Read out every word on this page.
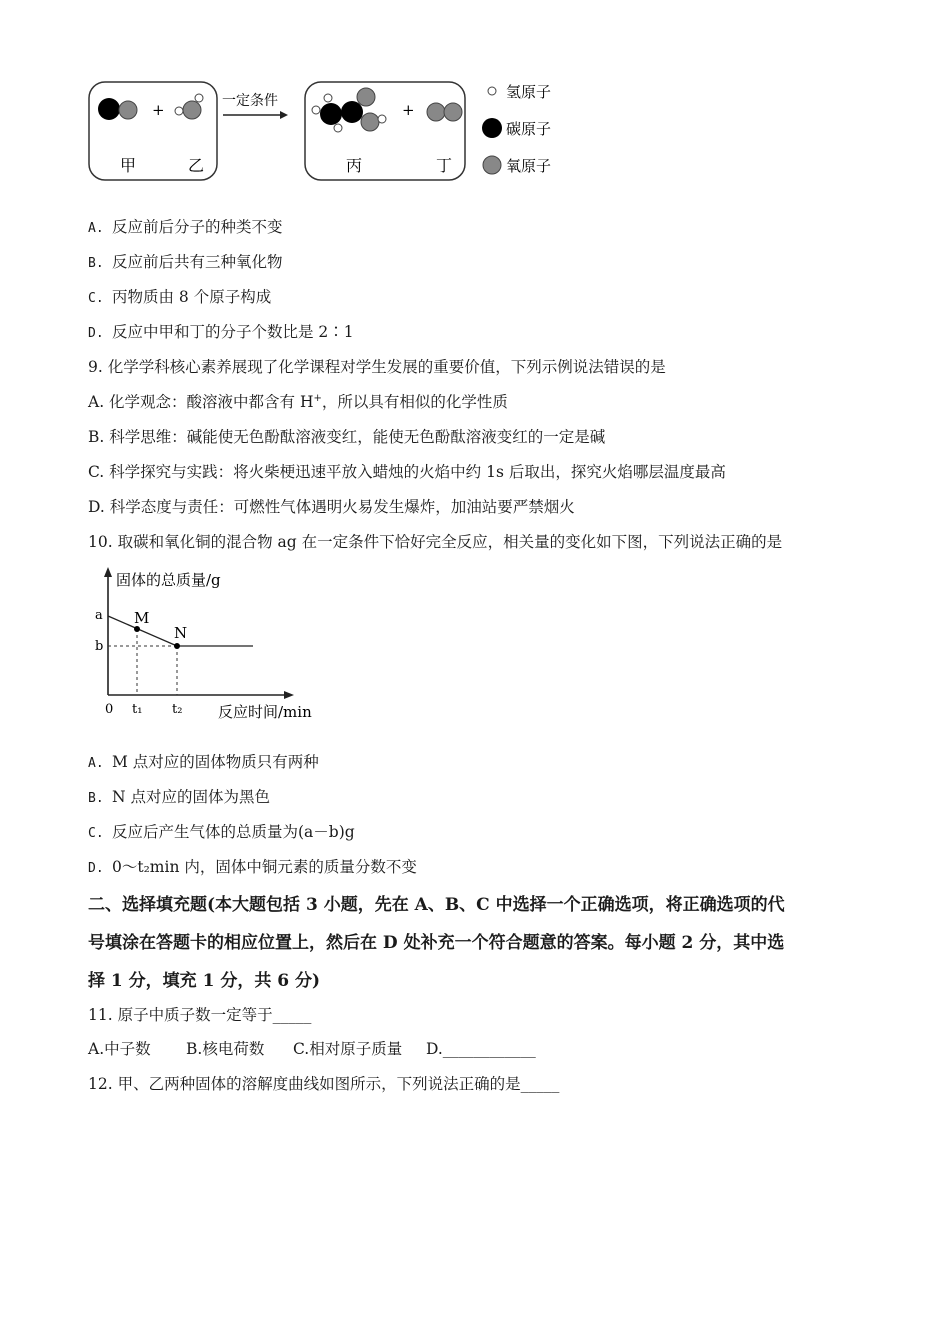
+
甲	乙
一定条件	+
丙	丁
氢原子
碳原子
氧原子
A. 反应前后分子的种类不变
B. 反应前后共有三种氧化物
C. 丙物质由 8 个原子构成
D. 反应中甲和丁的分子个数比是 2∶1
9. 化学学科核心素养展现了化学课程对学生发展的重要价值，下列示例说法错误的是
A. 化学观念：酸溶液中都含有 H+，所以具有相似的化学性质
B. 科学思维：碱能使无色酚酞溶液变红，能使无色酚酞溶液变红的一定是碱
C. 科学探究与实践：将火柴梗迅速平放入蜡烛的火焰中约 1s 后取出，探究火焰哪层温度最高
D. 科学态度与责任：可燃性气体遇明火易发生爆炸，加油站要严禁烟火
10. 取碳和氧化铜的混合物 ag 在一定条件下恰好完全反应，相关量的变化如下图，下列说法正确的是
固体的总质量/g
反应时间/min
0 t₁ t₂
a
b
M
N
A. M 点对应的固体物质只有两种
B. N 点对应的固体为黑色
C. 反应后产生气体的总质量为(a－b)g
D. 0～t₂min 内，固体中铜元素的质量分数不变
二、选择填充题(本大题包括 3 小题，先在 A、B、C 中选择一个正确选项，将正确选项的代
号填涂在答题卡的相应位置上，然后在 D 处补充一个符合题意的答案。每小题 2 分，其中选
择 1 分，填充 1 分，共 6 分)
11. 原子中质子数一定等于_____
A.中子数 B.核电荷数 C.相对原子质量 D.____________
12. 甲、乙两种固体的溶解度曲线如图所示，下列说法正确的是_____
